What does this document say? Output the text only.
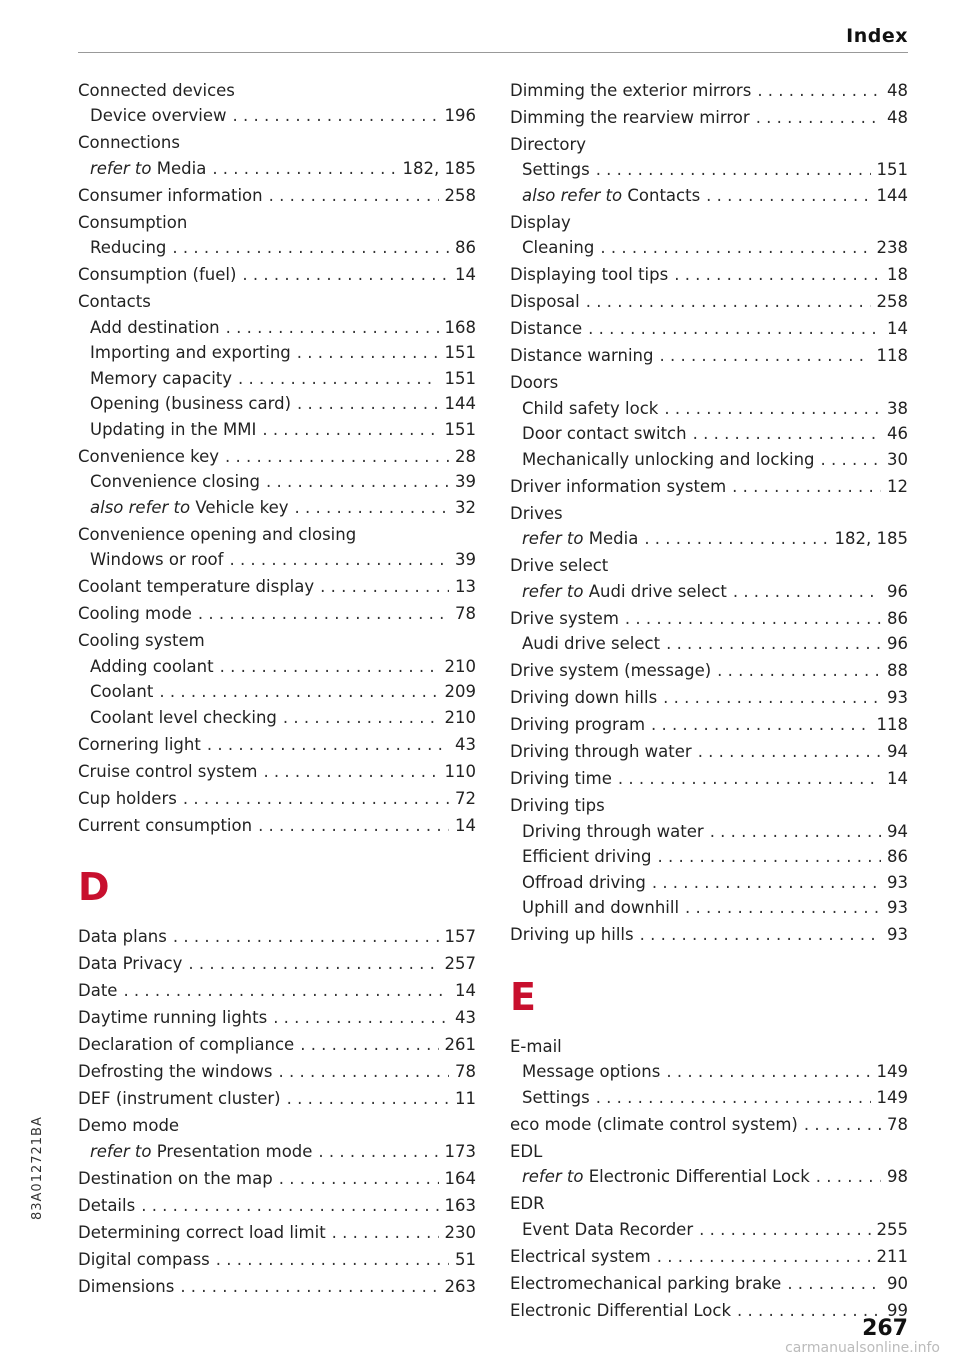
Index
Connected devices
Device overview . . .	196
Connections
refer to Media . . .	182, 185
Consumer information . . .	258
Consumption
Reducing . . .	86
Consumption (fuel) . . .	14
Contacts
Add destination . . .	168
Importing and exporting . . .	151
Memory capacity . . .	151
Opening (business card) . . .	144
Updating in the MMI . . .	151
Convenience key . . .	28
Convenience closing . . .	39
also refer to Vehicle key . . .	32
Convenience opening and closing
Windows or roof . . .	39
Coolant temperature display . . .	13
Cooling mode . . .	78
Cooling system
Adding coolant . . .	210
Coolant . . .	209
Coolant level checking . . .	210
Cornering light . . .	43
Cruise control system . . .	110
Cup holders . . .	72
Current consumption . . .	14
D
Data plans . . .	157
Data Privacy . . .	257
Date . . .	14
Daytime running lights . . .	43
Declaration of compliance . . .	261
Defrosting the windows . . .	78
DEF (instrument cluster) . . .	11
Demo mode
refer to Presentation mode . . .	173
Destination on the map . . .	164
Details . . .	163
Determining correct load limit . . .	230
Digital compass . . .	51
Dimensions . . .	263
Dimming the exterior mirrors . . .	48
Dimming the rearview mirror . . .	48
Directory
Settings . . .	151
also refer to Contacts . . .	144
Display
Cleaning . . .	238
Displaying tool tips . . .	18
Disposal . . .	258
Distance . . .	14
Distance warning . . .	118
Doors
Child safety lock . . .	38
Door contact switch . . .	46
Mechanically unlocking and locking . . .	30
Driver information system . . .	12
Drives
refer to Media . . .	182, 185
Drive select
refer to Audi drive select . . .	96
Drive system . . .	86
Audi drive select . . .	96
Drive system (message) . . .	88
Driving down hills . . .	93
Driving program . . .	118
Driving through water . . .	94
Driving time . . .	14
Driving tips
Driving through water . . .	94
Efficient driving . . .	86
Offroad driving . . .	93
Uphill and downhill . . .	93
Driving up hills . . .	93
E
E-mail
Message options . . .	149
Settings . . .	149
eco mode (climate control system) . . .	78
EDL
refer to Electronic Differential Lock . . .	98
EDR
Event Data Recorder . . .	255
Electrical system . . .	211
Electromechanical parking brake . . .	90
Electronic Differential Lock . . .	99
83A012721BA
267
carmanualsonline.info
